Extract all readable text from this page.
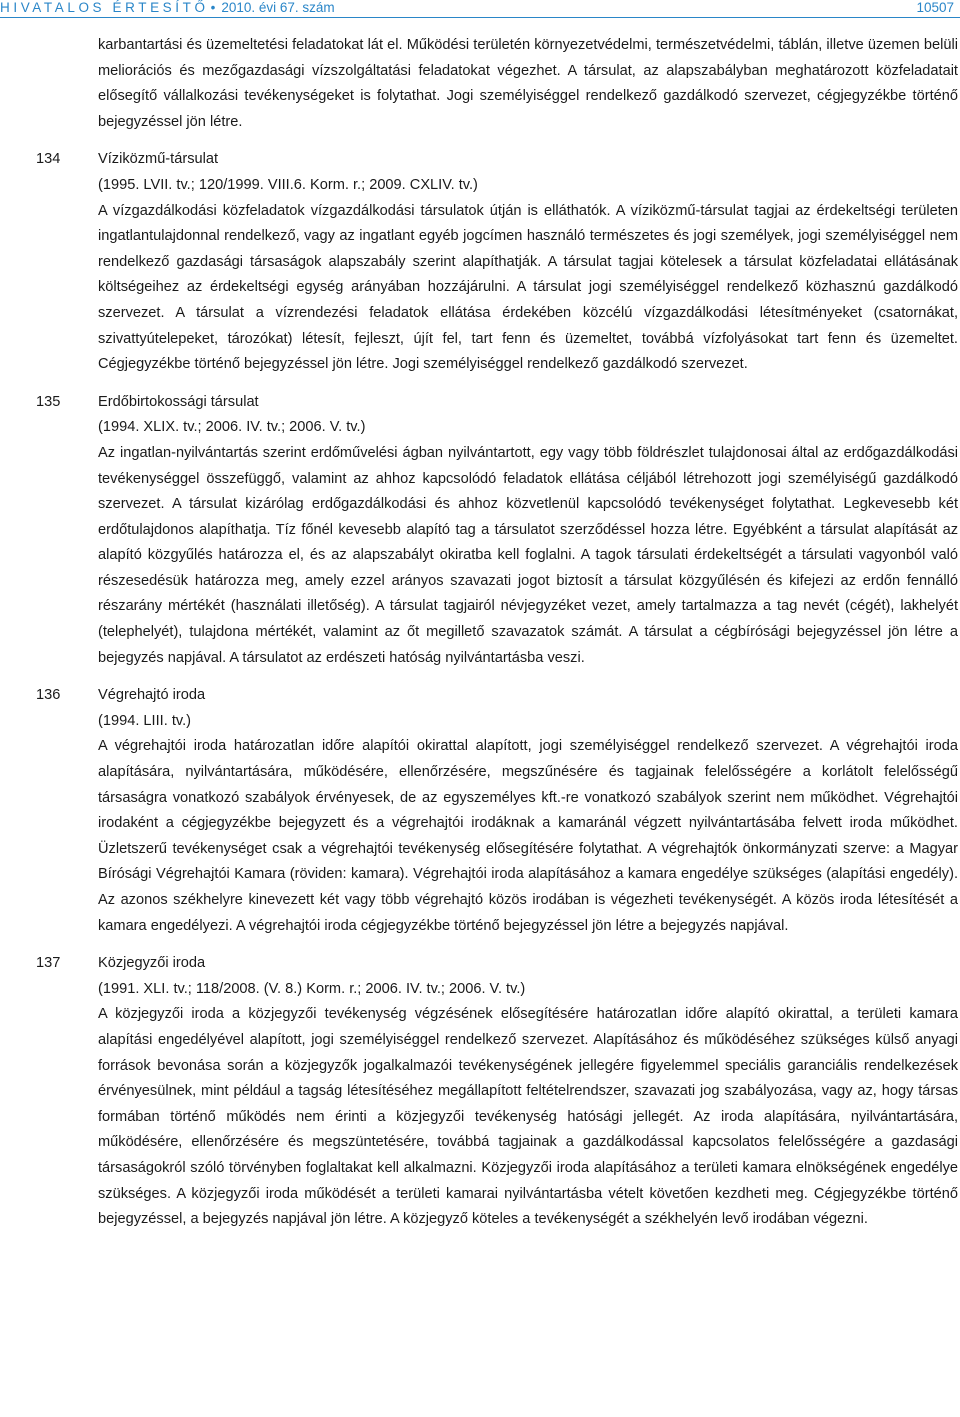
HIVATALOS ÉRTESÍTŐ • 2010. évi 67. szám	10507

karbantartási és üzemeltetési feladatokat lát el. Működési területén környezetvédelmi, természetvédelmi, táblán, illetve üzemen belüli meliorációs és mezőgazdasági vízszolgáltatási feladatokat végezhet. A társulat, az alapszabályban meghatározott közfeladatait elősegítő vállalkozási tevékenységeket is folytathat. Jogi személyiséggel rendelkező gazdálkodó szervezet, cégjegyzékbe történő bejegyzéssel jön létre.

134	Víziközmű-társulat
(1995. LVII. tv.; 120/1999. VIII.6. Korm. r.; 2009. CXLIV. tv.)

A vízgazdálkodási közfeladatok vízgazdálkodási társulatok útján is elláthatók. A víziközmű-társulat tagjai az érdekeltségi területen ingatlantulajdonnal rendelkező, vagy az ingatlant egyéb jogcímen használó természetes és jogi személyek, jogi személyiséggel nem rendelkező gazdasági társaságok alapszabály szerint alapíthatják. A társulat tagjai kötelesek a társulat közfeladatai ellátásának költségeihez az érdekeltségi egység arányában hozzájárulni. A társulat jogi személyiséggel rendelkező közhasznú gazdálkodó szervezet. A társulat a vízrendezési feladatok ellátása érdekében közcélú vízgazdálkodási létesítményeket (csatornákat, szivattyútelepeket, tározókat) létesít, fejleszt, újít fel, tart fenn és üzemeltet, továbbá vízfolyásokat tart fenn és üzemeltet. Cégjegyzékbe történő bejegyzéssel jön létre. Jogi személyiséggel rendelkező gazdálkodó szervezet.

135	Erdőbirtokossági társulat
(1994. XLIX. tv.; 2006. IV. tv.; 2006. V. tv.)

Az ingatlan-nyilvántartás szerint erdőművelési ágban nyilvántartott, egy vagy több földrészlet tulajdonosai által az erdőgazdálkodási tevékenységgel összefüggő, valamint az ahhoz kapcsolódó feladatok ellátása céljából létrehozott jogi személyiségű gazdálkodó szervezet. A társulat kizárólag erdőgazdálkodási és ahhoz közvetlenül kapcsolódó tevékenységet folytathat. Legkevesebb két erdőtulajdonos alapíthatja. Tíz főnél kevesebb alapító tag a társulatot szerződéssel hozza létre. Egyébként a társulat alapítását az alapító közgyűlés határozza el, és az alapszabályt okiratba kell foglalni. A tagok társulati érdekeltségét a társulati vagyonból való részesedésük határozza meg, amely ezzel arányos szavazati jogot biztosít a társulat közgyűlésén és kifejezi az erdőn fennálló részarány mértékét (használati illetőség). A társulat tagjairól névjegyzéket vezet, amely tartalmazza a tag nevét (cégét), lakhelyét (telephelyét), tulajdona mértékét, valamint az őt megillető szavazatok számát. A társulat a cégbírósági bejegyzéssel jön létre a bejegyzés napjával. A társulatot az erdészeti hatóság nyilvántartásba veszi.

136	Végrehajtó iroda
(1994. LIII. tv.)

A végrehajtói iroda határozatlan időre alapítói okirattal alapított, jogi személyiséggel rendelkező szervezet. A végrehajtói iroda alapítására, nyilvántartására, működésére, ellenőrzésére, megszűnésére és tagjainak felelősségére a korlátolt felelősségű társaságra vonatkozó szabályok érvényesek, de az egyszemélyes kft.-re vonatkozó szabályok szerint nem működhet. Végrehajtói irodaként a cégjegyzékbe bejegyzett és a végrehajtói irodáknak a kamaránál végzett nyilvántartásába felvett iroda működhet. Üzletszerű tevékenységet csak a végrehajtói tevékenység elősegítésére folytathat. A végrehajtók önkormányzati szerve: a Magyar Bírósági Végrehajtói Kamara (röviden: kamara). Végrehajtói iroda alapításához a kamara engedélye szükséges (alapítási engedély). Az azonos székhelyre kinevezett két vagy több végrehajtó közös irodában is végezheti tevékenységét. A közös iroda létesítését a kamara engedélyezi. A végrehajtói iroda cégjegyzékbe történő bejegyzéssel jön létre a bejegyzés napjával.

137	Közjegyzői iroda
(1991. XLI. tv.; 118/2008. (V. 8.) Korm. r.; 2006. IV. tv.; 2006. V. tv.)

A közjegyzői iroda a közjegyzői tevékenység végzésének elősegítésére határozatlan időre alapító okirattal, a területi kamara alapítási engedélyével alapított, jogi személyiséggel rendelkező szervezet. Alapításához és működéséhez szükséges külső anyagi források bevonása során a közjegyzők jogalkalmazói tevékenységének jellegére figyelemmel speciális garanciális rendelkezések érvényesülnek, mint például a tagság létesítéséhez megállapított feltételrendszer, szavazati jog szabályozása, vagy az, hogy társas formában történő működés nem érinti a közjegyzői tevékenység hatósági jellegét. Az iroda alapítására, nyilvántartására, működésére, ellenőrzésére és megszüntetésére, továbbá tagjainak a gazdálkodással kapcsolatos felelősségére a gazdasági társaságokról szóló törvényben foglaltakat kell alkalmazni. Közjegyzői iroda alapításához a területi kamara elnökségének engedélye szükséges. A közjegyzői iroda működését a területi kamarai nyilvántartásba vételt követően kezdheti meg. Cégjegyzékbe történő bejegyzéssel, a bejegyzés napjával jön létre. A közjegyző köteles a tevékenységét a székhelyén levő irodában végezni.
